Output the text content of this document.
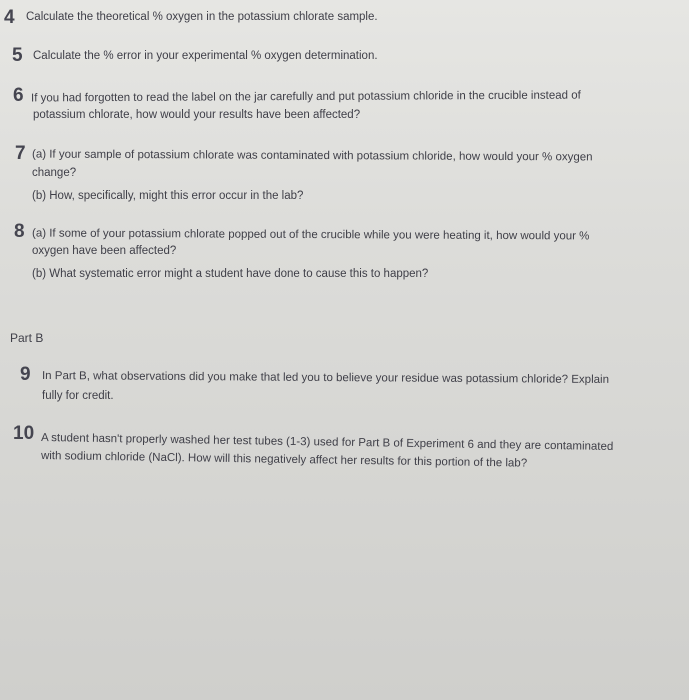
4 Calculate the theoretical % oxygen in the potassium chlorate sample.
5 Calculate the % error in your experimental % oxygen determination.
6 If you had forgotten to read the label on the jar carefully and put potassium chloride in the crucible instead of
potassium chlorate, how would your results have been affected?
7 (a) If your sample of potassium chlorate was contaminated with potassium chloride, how would your % oxygen
change?
(b) How, specifically, might this error occur in the lab?
8 (a) If some of your potassium chlorate popped out of the crucible while you were heating it, how would your %
oxygen have been affected?
(b) What systematic error might a student have done to cause this to happen?
Part B
9 In Part B, what observations did you make that led you to believe your residue was potassium chloride? Explain
fully for credit.
10 A student hasn't properly washed her test tubes (1-3) used for Part B of Experiment 6 and they are contaminated
with sodium chloride (NaCl). How will this negatively affect her results for this portion of the lab?
